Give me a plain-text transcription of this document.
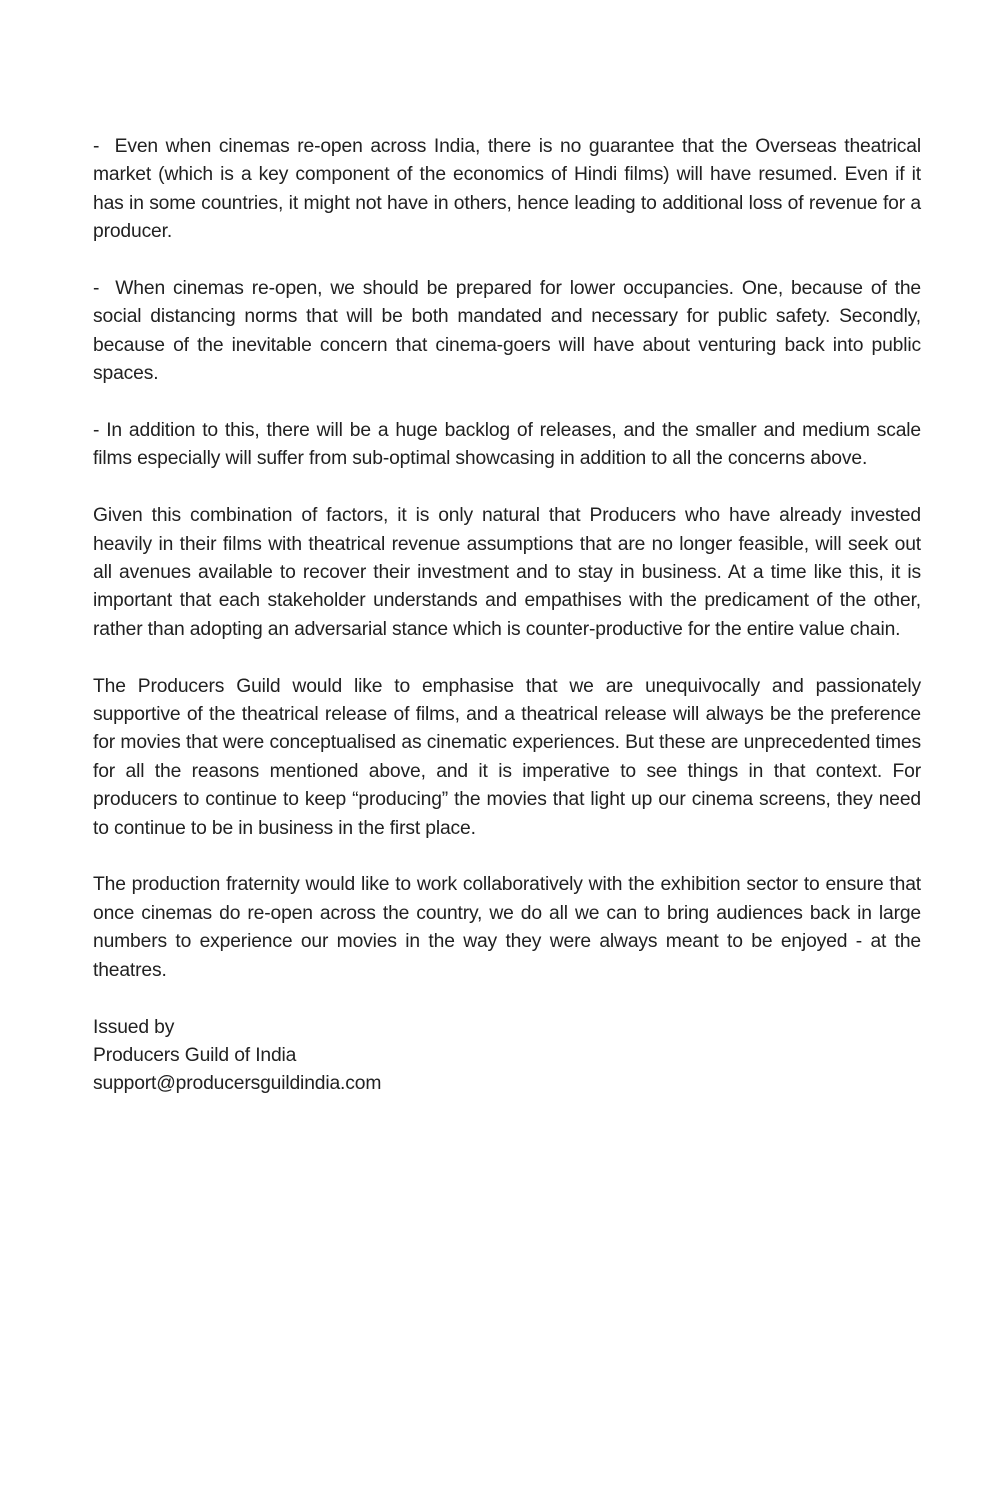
-  Even when cinemas re-open across India, there is no guarantee that the Overseas theatrical market (which is a key component of the economics of Hindi films) will have resumed. Even if it has in some countries, it might not have in others, hence leading to additional loss of revenue for a producer.

-  When cinemas re-open, we should be prepared for lower occupancies. One, because of the social distancing norms that will be both mandated and necessary for public safety. Secondly, because of the inevitable concern that cinema-goers will have about venturing back into public spaces.

- In addition to this, there will be a huge backlog of releases, and the smaller and medium scale films especially will suffer from sub-optimal showcasing in addition to all the concerns above.

Given this combination of factors, it is only natural that Producers who have already invested heavily in their films with theatrical revenue assumptions that are no longer feasible, will seek out all avenues available to recover their investment and to stay in business. At a time like this, it is important that each stakeholder understands and empathises with the predicament of the other, rather than adopting an adversarial stance which is counter-productive for the entire value chain.

The Producers Guild would like to emphasise that we are unequivocally and passionately supportive of the theatrical release of films, and a theatrical release will always be the preference for movies that were conceptualised as cinematic experiences. But these are unprecedented times for all the reasons mentioned above, and it is imperative to see things in that context. For producers to continue to keep “producing” the movies that light up our cinema screens, they need to continue to be in business in the first place.

The production fraternity would like to work collaboratively with the exhibition sector to ensure that once cinemas do re-open across the country, we do all we can to bring audiences back in large numbers to experience our movies in the way they were always meant to be enjoyed - at the theatres.

Issued by

Producers Guild of India

support@producersguildindia.com
